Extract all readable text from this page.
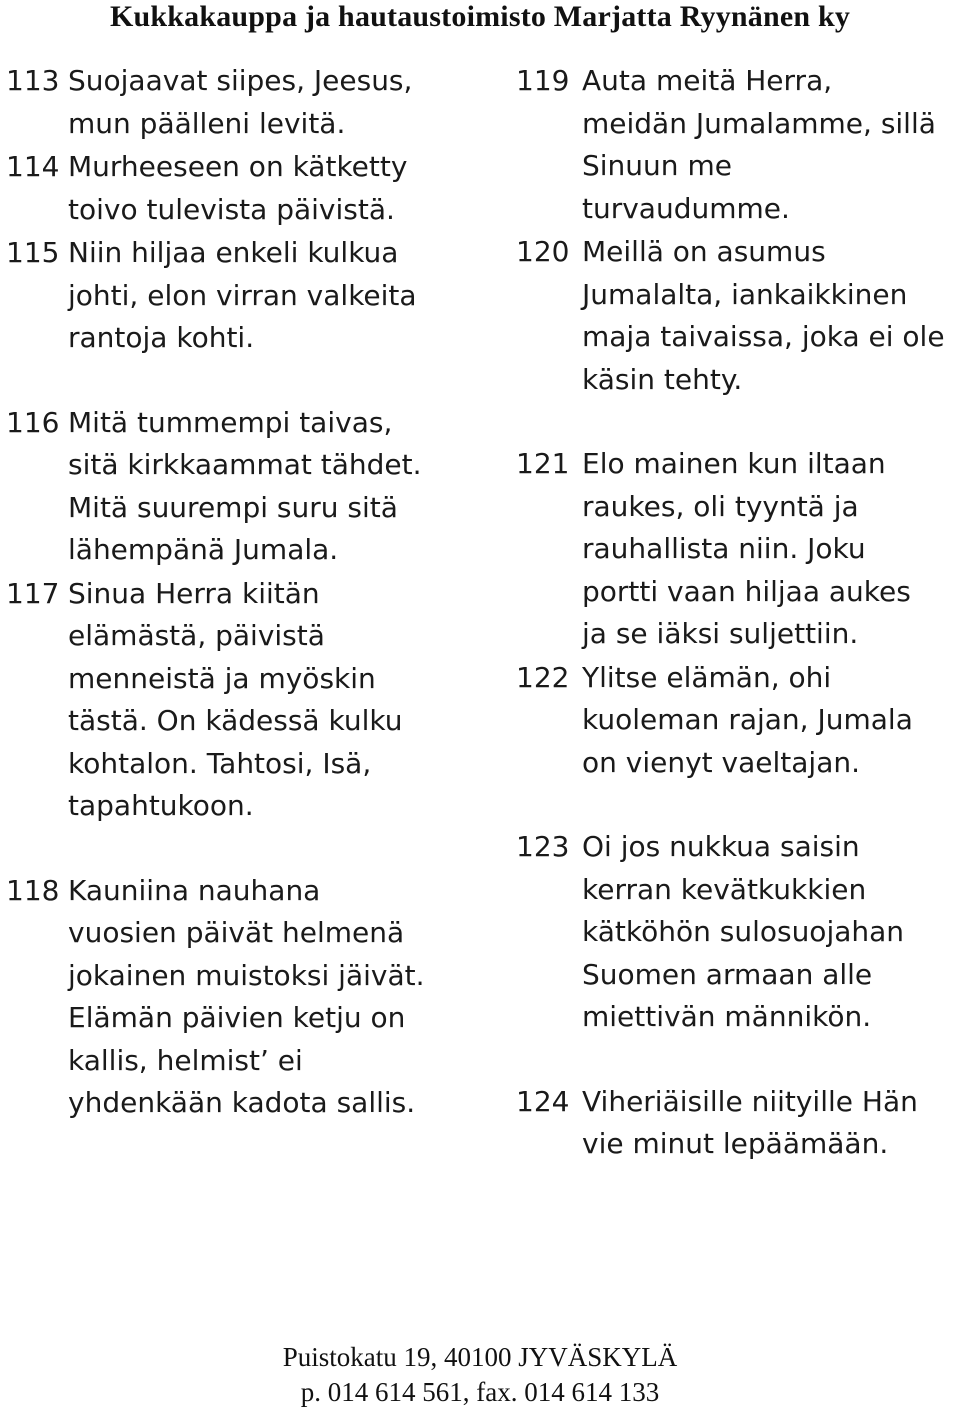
Kukkakauppa ja hautaustoimisto Marjatta Ryynänen ky
113 Suojaavat siipes, Jeesus,
mun päälleni levitä.
114 Murheeseen on kätketty
toivo tulevista päivistä.
115 Niin hiljaa enkeli kulkua
johti, elon virran valkeita
rantoja kohti.
116 Mitä tummempi taivas,
sitä kirkkaammat tähdet.
Mitä suurempi suru sitä
lähempänä Jumala.
117 Sinua Herra kiitän
elämästä, päivistä
menneistä ja myöskin
tästä. On kädessä kulku
kohtalon. Tahtosi, Isä,
tapahtukoon.
118 Kauniina nauhana
vuosien päivät helmenä
jokainen muistoksi jäivät.
Elämän päivien ketju on
kallis, helmist’ ei
yhdenkään kadota sallis.
119 Auta meitä Herra,
meidän Jumalamme, sillä
Sinuun me
turvaudumme.
120 Meillä on asumus
Jumalalta, iankaikkinen
maja taivaissa, joka ei ole
käsin tehty.
121 Elo mainen kun iltaan
raukes, oli tyyntä ja
rauhallista niin. Joku
portti vaan hiljaa aukes
ja se iäksi suljettiin.
122 Ylitse elämän, ohi
kuoleman rajan, Jumala
on vienyt vaeltajan.
123 Oi jos nukkua saisin
kerran kevätkukkien
kätköhön sulosuojahan
Suomen armaan alle
miettivän männikön.
124 Viheriäisille niityille Hän
vie minut lepäämään.
Puistokatu 19, 40100 JYVÄSKYLÄ
p. 014 614 561, fax. 014 614 133
